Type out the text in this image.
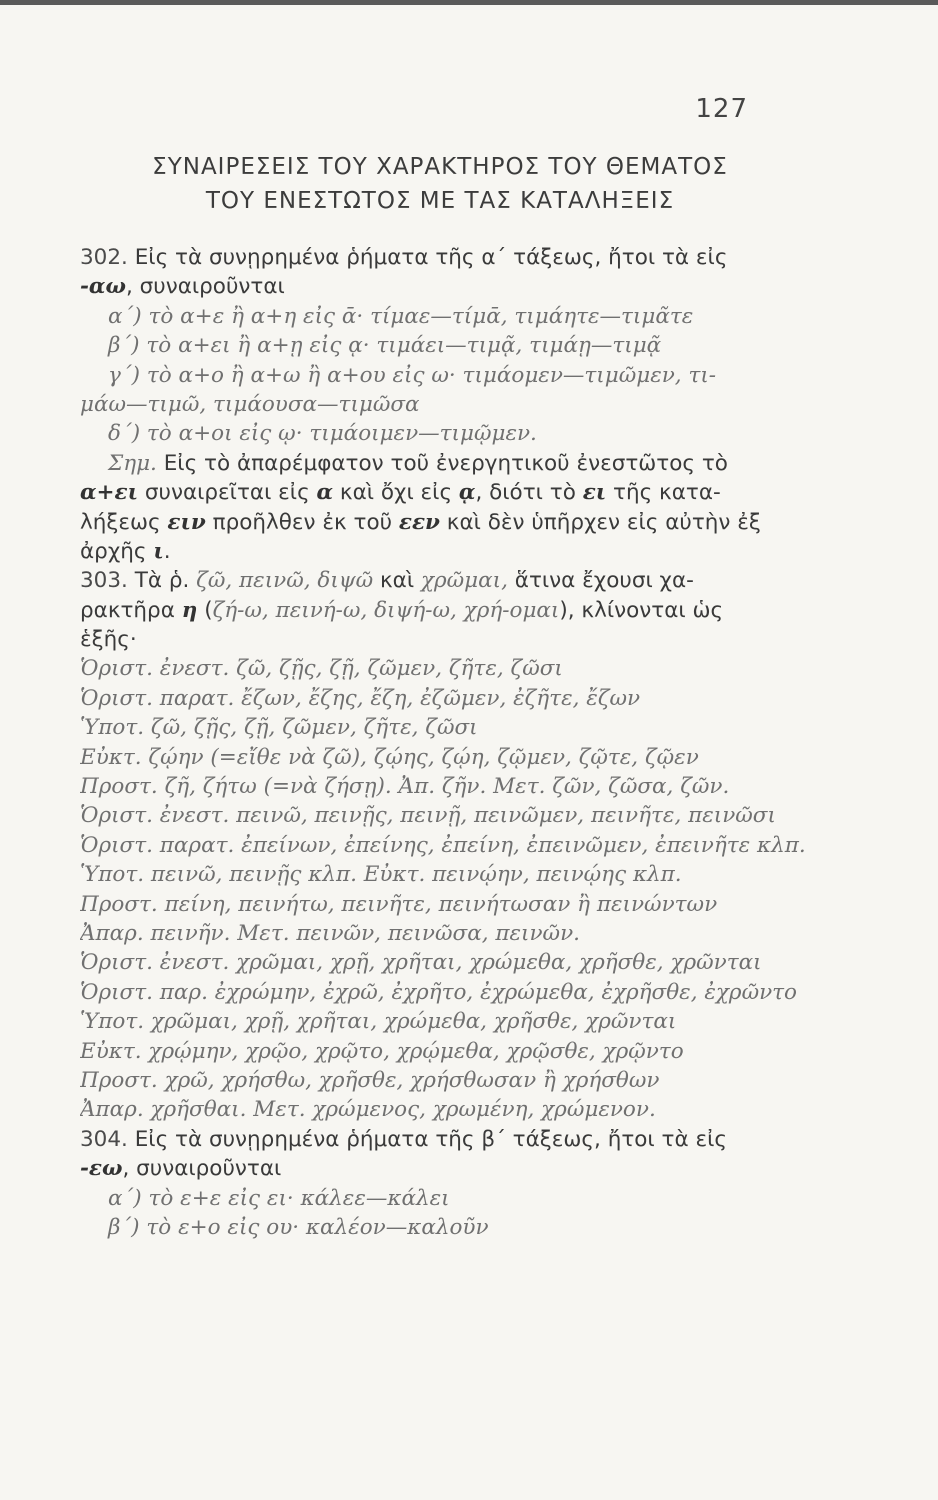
127
ΣΥΝΑΙΡΕΣΕΙΣ ΤΟΥ ΧΑΡΑΚΤΗΡΟΣ ΤΟΥ ΘΕΜΑΤΟΣ
ΤΟΥ ΕΝΕΣΤΩΤΟΣ ΜΕ ΤΑΣ ΚΑΤΑΛΗΞΕΙΣ
302. Εἰς τὰ συνῃρημένα ῥήματα τῆς α΄ τάξεως, ἤτοι τὰ εἰς
-αω, συναιροῦνται
α΄) τὸ α+ε ἢ α+η εἰς ᾱ· τίμαε—τίμᾱ, τιμάητε—τιμᾶτε
β΄) τὸ α+ει ἢ α+ῃ εἰς ᾳ· τιμάει—τιμᾷ, τιμάῃ—τιμᾷ
γ΄) τὸ α+ο ἢ α+ω ἢ α+ου εἰς ω· τιμάομεν—τιμῶμεν, τι-
μάω—τιμῶ, τιμάουσα—τιμῶσα
δ΄) τὸ α+οι εἰς ῳ· τιμάοιμεν—τιμῷμεν.
Σημ. Εἰς τὸ ἀπαρέμφατον τοῦ ἐνεργητικοῦ ἐνεστῶτος τὸ
α+ει συναιρεῖται εἰς α καὶ ὄχι εἰς ᾳ, διότι τὸ ει τῆς κατα-
λήξεως ειν προῆλθεν ἐκ τοῦ εεν καὶ δὲν ὑπῆρχεν εἰς αὐτὴν ἐξ
ἀρχῆς ι.
303. Τὰ ῥ. ζῶ, πεινῶ, διψῶ καὶ χρῶμαι, ἅτινα ἔχουσι χα-
ρακτῆρα η (ζή-ω, πεινή-ω, διψή-ω, χρή-ομαι), κλίνονται ὡς
ἑξῆς·
Ὁριστ. ἐνεστ. ζῶ, ζῇς, ζῇ, ζῶμεν, ζῆτε, ζῶσι
Ὁριστ. παρατ. ἔζων, ἔζης, ἔζη, ἐζῶμεν, ἐζῆτε, ἔζων
Ὑποτ. ζῶ, ζῇς, ζῇ, ζῶμεν, ζῆτε, ζῶσι
Εὐκτ. ζῴην (=εἴθε νὰ ζῶ), ζῴης, ζῴη, ζῷμεν, ζῷτε, ζῷεν
Προστ. ζῆ, ζήτω (=νὰ ζήσῃ). Ἀπ. ζῆν. Μετ. ζῶν, ζῶσα, ζῶν.
Ὁριστ. ἐνεστ. πεινῶ, πεινῇς, πεινῇ, πεινῶμεν, πεινῆτε, πεινῶσι
Ὁριστ. παρατ. ἐπείνων, ἐπείνης, ἐπείνη, ἐπεινῶμεν, ἐπεινῆτε κλπ.
Ὑποτ. πεινῶ, πεινῇς κλπ. Εὐκτ. πεινῴην, πεινῴης κλπ.
Προστ. πείνη, πεινήτω, πεινῆτε, πεινήτωσαν ἢ πεινώντων
Ἀπαρ. πεινῆν. Μετ. πεινῶν, πεινῶσα, πεινῶν.
Ὁριστ. ἐνεστ. χρῶμαι, χρῇ, χρῆται, χρώμεθα, χρῆσθε, χρῶνται
Ὁριστ. παρ. ἐχρώμην, ἐχρῶ, ἐχρῆτο, ἐχρώμεθα, ἐχρῆσθε, ἐχρῶντο
Ὑποτ. χρῶμαι, χρῇ, χρῆται, χρώμεθα, χρῆσθε, χρῶνται
Εὐκτ. χρῴμην, χρῷο, χρῷτο, χρῴμεθα, χρῷσθε, χρῷντο
Προστ. χρῶ, χρήσθω, χρῆσθε, χρήσθωσαν ἢ χρήσθων
Ἀπαρ. χρῆσθαι. Μετ. χρώμενος, χρωμένη, χρώμενον.
304. Εἰς τὰ συνῃρημένα ῥήματα τῆς β΄ τάξεως, ἤτοι τὰ εἰς
-εω, συναιροῦνται
α΄) τὸ ε+ε εἰς ει· κάλεε—κάλει
β΄) τὸ ε+ο εἰς ου· καλέον—καλοῦν
